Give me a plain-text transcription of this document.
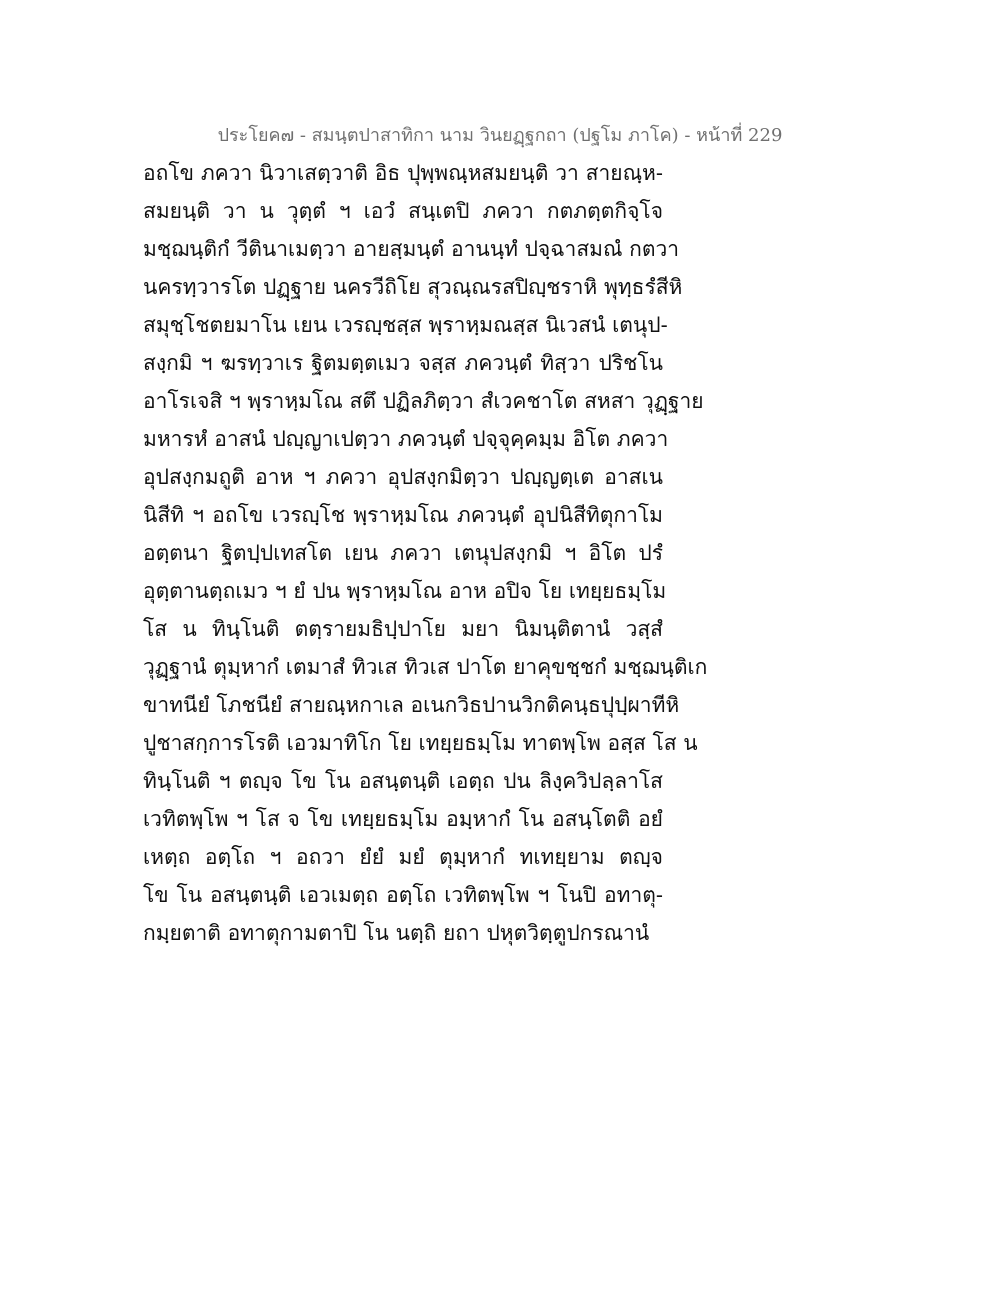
ประโยค๗ - สมนฺตปาสาทิกา นาม วินยฏฺฐกถา (ปฐโม ภาโค) - หน้าที่ 229
อถโข ภควา นิวาเสตฺวาติ อิธ ปุพฺพณฺหสมยนฺติ วา สายณฺห-
สมยนฺติ วา น วุตฺตํ ฯ เอวํ สนฺเตปิ ภควา กตภตฺตกิจฺโจ
มชฺฌนฺติกํ วีตินาเมตฺวา อายสฺมนฺตํ อานนฺทํ ปจฺฉาสมณํ กตวา
นครทฺวารโต ปฏฺฐาย นครวีถิโย สุวณฺณรสปิญฺชราหิ พุทฺธรํสีหิ
สมุชฺโชตยมาโน เยน เวรญฺชสฺส พฺราหฺมณสฺส นิเวสนํ เตนุป-
สงฺกมิ ฯ ฆรทฺวาเร ฐิตมตฺตเมว จสฺส ภควนฺตํ ทิสฺวา ปริชโน
อาโรเจสิ ฯ พฺราหฺมโณ สตึ ปฏิลภิตฺวา สํเวคชาโต สหสา วุฏฺฐาย
มหารหํ อาสนํ ปญฺญาเปตฺวา ภควนฺตํ ปจฺจุคฺคมฺม อิโต ภควา
อุปสงฺกมถูติ อาห ฯ ภควา อุปสงฺกมิตฺวา ปญฺญตฺเต อาสเน
นิสีทิ ฯ อถโข เวรญฺโช พฺราหฺมโณ ภควนฺตํ อุปนิสีทิตุกาโม
อตฺตนา ฐิตปฺปเทสโต เยน ภควา เตนุปสงฺกมิ ฯ อิโต ปรํ
อุตฺตานตฺถเมว ฯ ยํ ปน พฺราหฺมโณ อาห อปิจ โย เทยฺยธมฺโม
โส น ทินฺโนติ ตตฺรายมธิปฺปาโย มยา นิมนฺติตานํ วสฺสํ
วุฏฺฐานํ ตุมฺหากํ เตมาสํ ทิวเส ทิวเส ปาโต ยาคุขชฺชกํ มชฺฌนฺติเก
ขาทนียํ โภชนียํ สายณฺหกาเล อเนกวิธปานวิกติคนฺธปุปฺผาทีหิ
ปูชาสกฺการโรติ เอวมาทิโก โย เทยฺยธมฺโม ทาตพฺโพ อสฺส โส น
ทินฺโนติ ฯ ตญฺจ โข โน อสนฺตนฺติ เอตฺถ ปน ลิงฺควิปลฺลาโส
เวทิตพฺโพ ฯ โส จ โข เทยฺยธมฺโม อมฺหากํ โน อสนฺโตติ อยํ
เหตฺถ อตฺโถ ฯ อถวา ยํยํ มยํ ตุมฺหากํ ทเทยฺยาม ตญฺจ
โข โน อสนฺตนฺติ เอวเมตฺถ อตฺโถ เวทิตพฺโพ ฯ โนปิ อทาตุ-
กมฺยตาติ อทาตุกามตาปิ โน นตฺถิ ยถา ปหุตวิตฺตูปกรณานํ
